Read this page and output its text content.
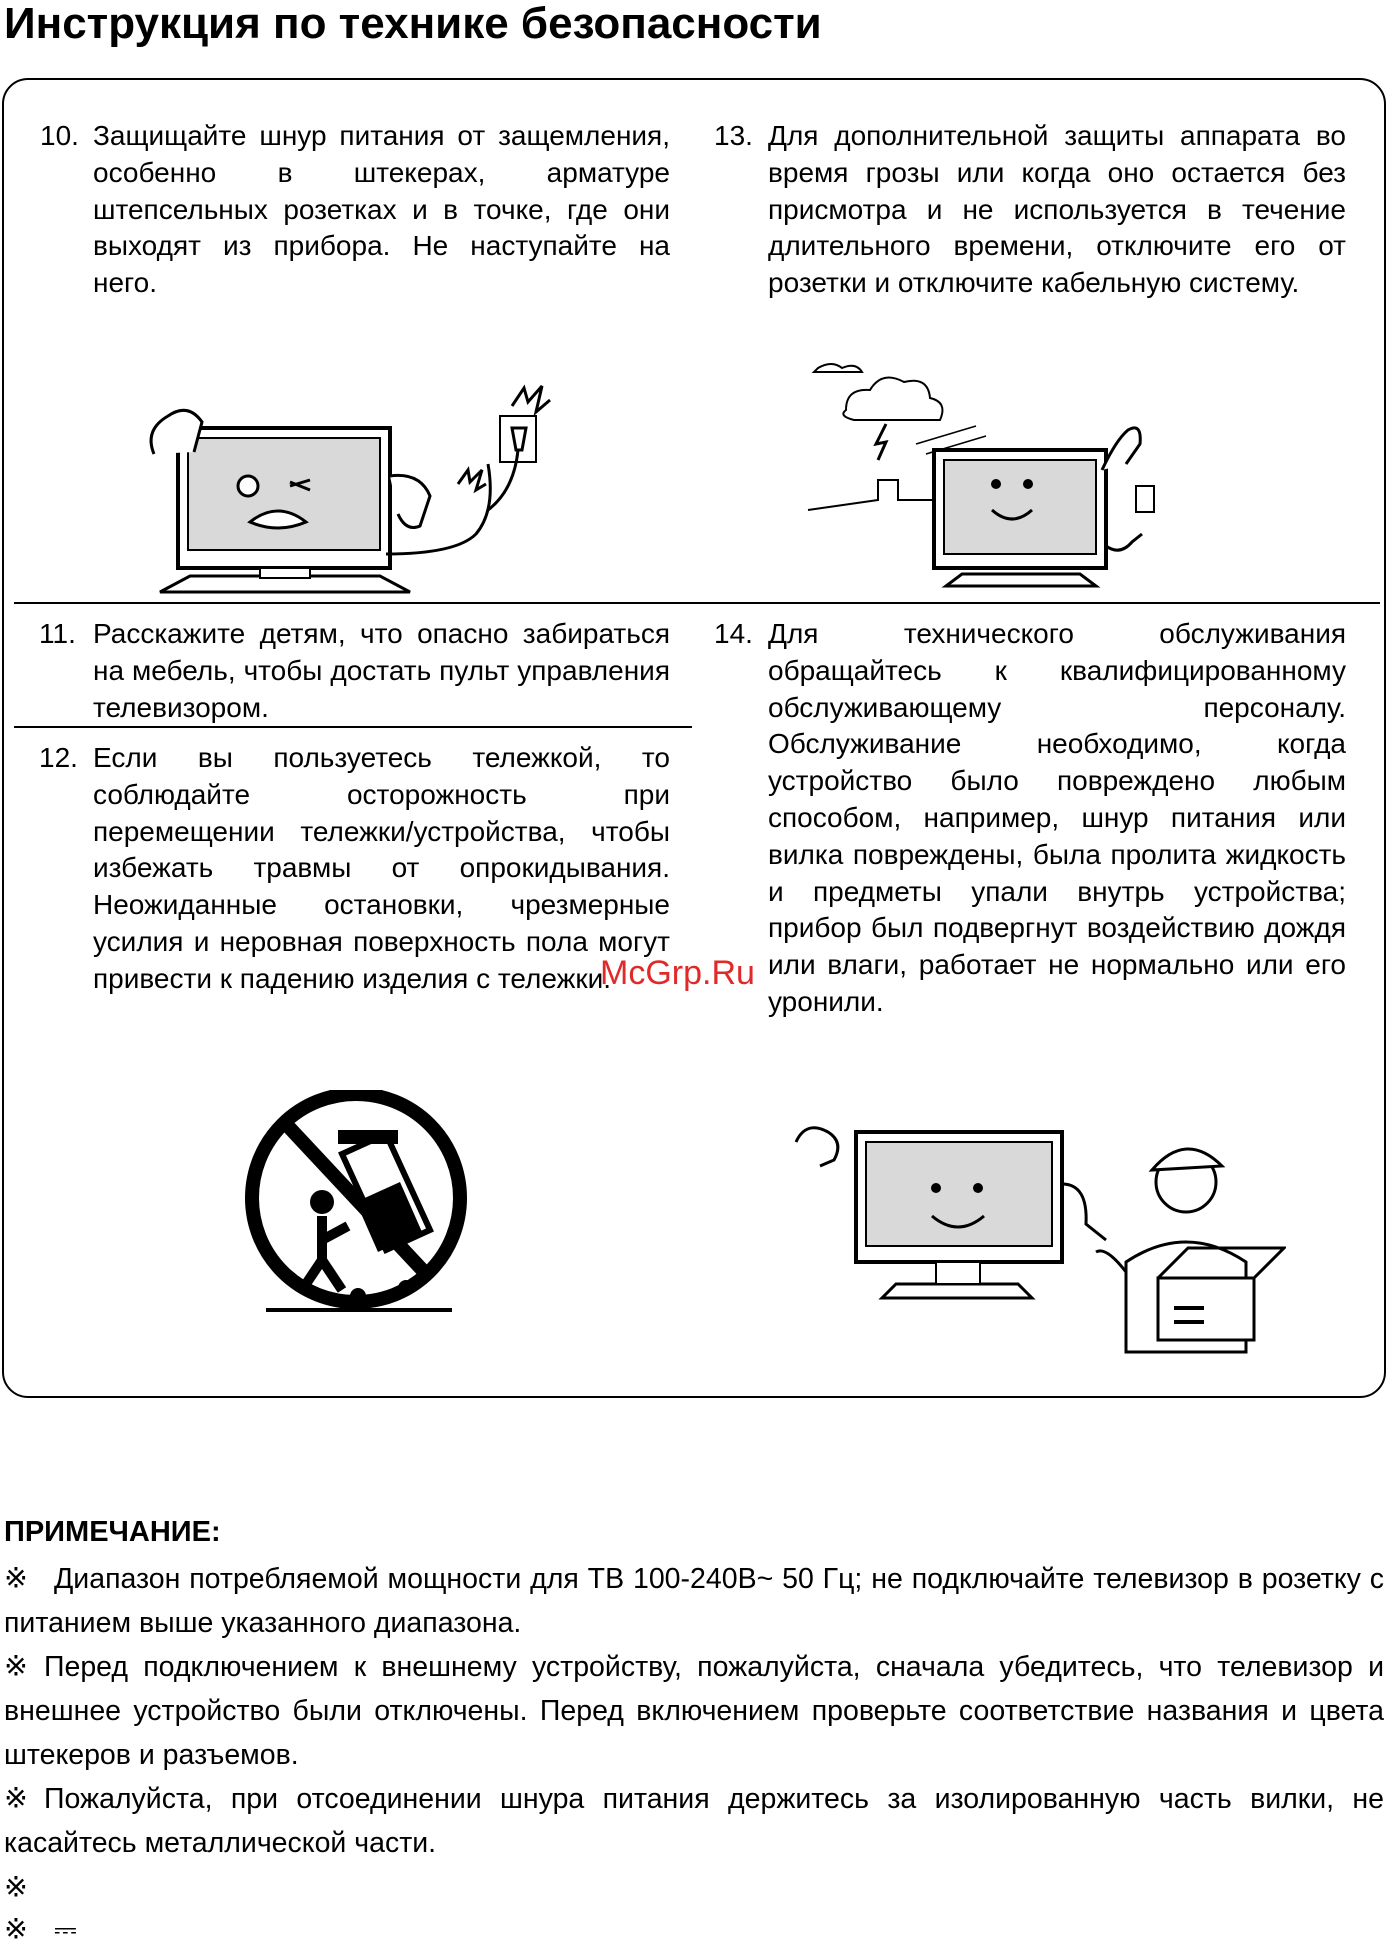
Инструкция по технике безопасности
10. Защищайте шнур питания от защемления, особенно в штекерах, арматуре штепсельных розетках и в точке, где они выходят из прибора. Не наступайте на него.
13. Для дополнительной защиты аппарата во время грозы или когда оно остается без присмотра и не используется в течение длительного времени, отключите его от розетки и отключите кабельную систему.
11. Расскажите детям, что опасно забираться на мебель, чтобы достать пульт управления телевизором.
12. Если вы пользуетесь тележкой, то соблюдайте осторожность при перемещении тележки/устройства, чтобы избежать травмы от опрокидывания. Неожиданные остановки, чрезмерные усилия и неровная поверхность пола могут привести к падению изделия с тележки.
14. Для технического обслуживания обращайтесь к квалифицированному обслуживающему персоналу. Обслуживание необходимо, когда устройство было повреждено любым способом, например, шнур питания или вилка повреждены, была пролита жидкость и предметы упали внутрь устройства; прибор был подвергнут воздействию дождя или влаги, работает не нормально или его уронили.
McGrp.Ru
ПРИМЕЧАНИЕ:
※ Диапазон потребляемой мощности для ТВ 100-240В~ 50 Гц; не подключайте телевизор в розетку с питанием выше указанного диапазона.
※ Перед подключением к внешнему устройству, пожалуйста, сначала убедитесь, что телевизор и внешнее устройство были отключены. Перед включением проверьте соответствие названия и цвета штекеров и разъемов.
※ Пожалуйста, при отсоединении шнура питания держитесь за изолированную часть вилки, не касайтесь металлической части.
※
※ ⎓
